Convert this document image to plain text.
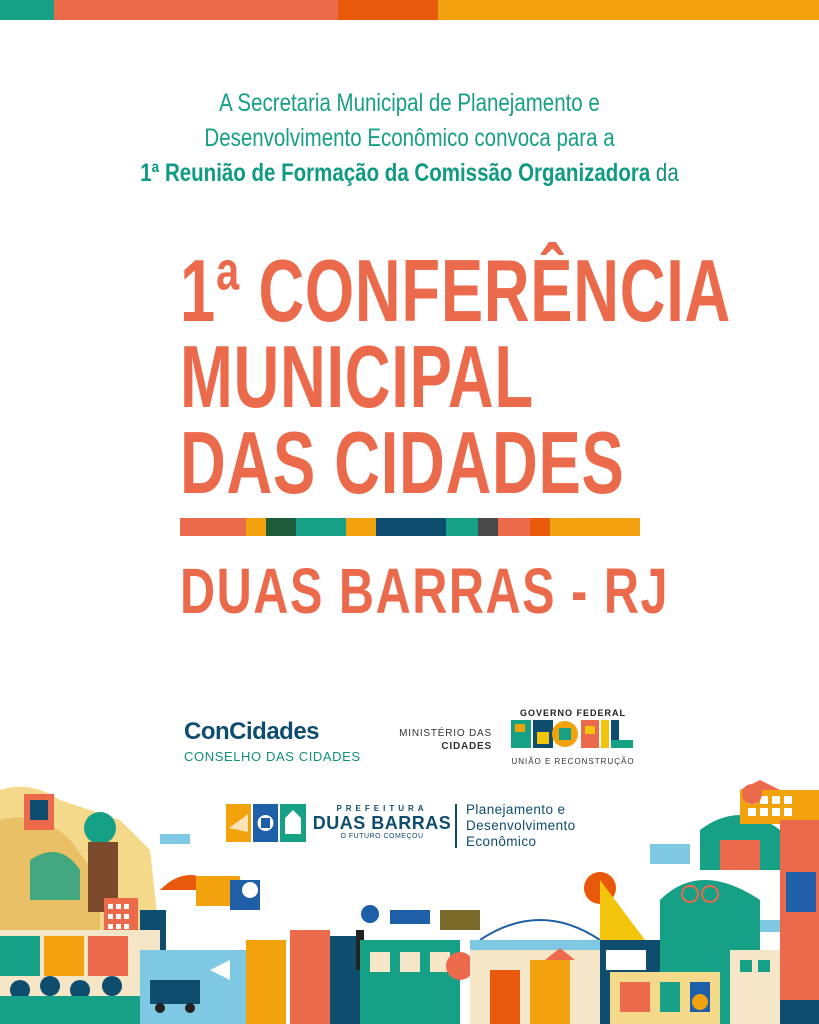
A Secretaria Municipal de Planejamento e
Desenvolvimento Econômico convoca para a
1ª Reunião de Formação da Comissão Organizadora da
1ª CONFERÊNCIA
MUNICIPAL
DAS CIDADES
DUAS BARRAS - RJ
ConCidades
CONSELHO DAS CIDADES
MINISTÉRIO DAS
CIDADES
GOVERNO FEDERAL
UNIÃO E RECONSTRUÇÃO
PREFEITURA
DUAS BARRAS
O FUTURO COMEÇOU
Planejamento e
Desenvolvimento
Econômico
